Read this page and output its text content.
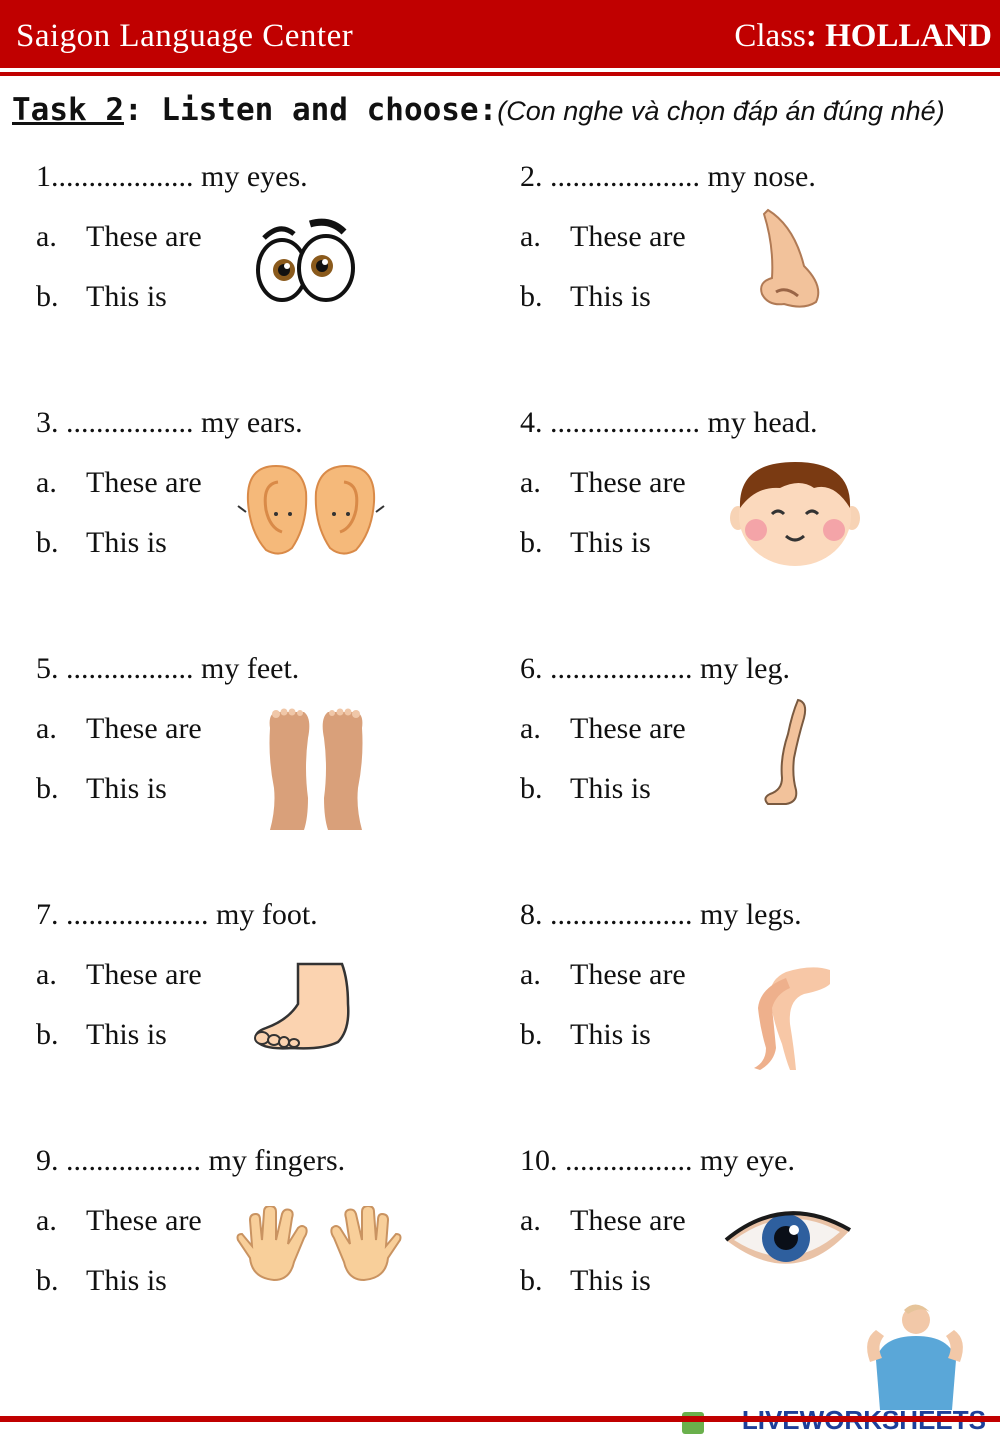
Saigon Language Center	Class: HOLLAND
Task 2: Listen and choose:(Con nghe và chọn đáp án đúng nhé)
1................... my eyes.
a. These are
b. This is
2. .................... my nose.
a. These are
b. This is
3. ................. my ears.
a. These are
b. This is
4. .................... my head.
a. These are
b. This is
5. ................. my feet.
a. These are
b. This is
6. ................... my leg.
a. These are
b. This is
7. ................... my foot.
a. These are
b. This is
8. ................... my legs.
a. These are
b. This is
9. .................. my fingers.
a. These are
b. This is
10. ................. my eye.
a. These are
b. This is
